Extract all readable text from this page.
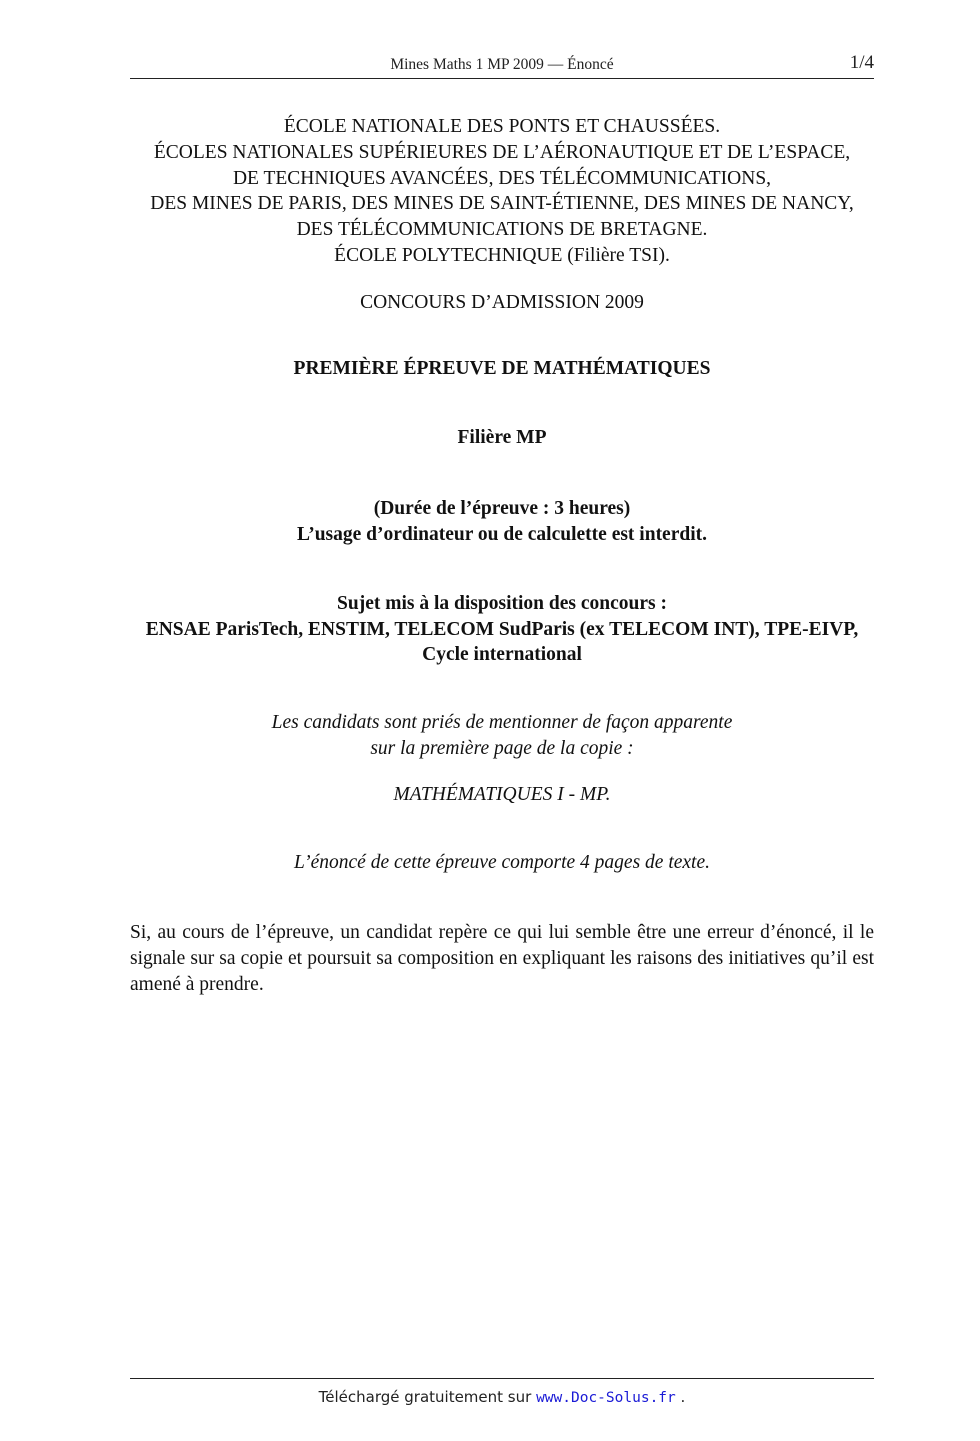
Mines Maths 1 MP 2009 — Énoncé	1/4
ÉCOLE NATIONALE DES PONTS ET CHAUSSÉES.
ÉCOLES NATIONALES SUPÉRIEURES DE L’AÉRONAUTIQUE ET DE L’ESPACE,
DE TECHNIQUES AVANCÉES, DES TÉLÉCOMMUNICATIONS,
DES MINES DE PARIS, DES MINES DE SAINT-ÉTIENNE, DES MINES DE NANCY,
DES TÉLÉCOMMUNICATIONS DE BRETAGNE.
ÉCOLE POLYTECHNIQUE (Filière TSI).
CONCOURS D’ADMISSION 2009
PREMIÈRE ÉPREUVE DE MATHÉMATIQUES
Filière MP
(Durée de l’épreuve : 3 heures)
L’usage d’ordinateur ou de calculette est interdit.
Sujet mis à la disposition des concours :
ENSAE ParisTech, ENSTIM, TELECOM SudParis (ex TELECOM INT), TPE-EIVP,
Cycle international
Les candidats sont priés de mentionner de façon apparente
sur la première page de la copie :
MATHÉMATIQUES I - MP.
L’énoncé de cette épreuve comporte 4 pages de texte.
Si, au cours de l’épreuve, un candidat repère ce qui lui semble être une erreur d’énoncé, il le signale sur sa copie et poursuit sa composition en expliquant les raisons des initiatives qu’il est amené à prendre.
Téléchargé gratuitement sur www.Doc-Solus.fr .
